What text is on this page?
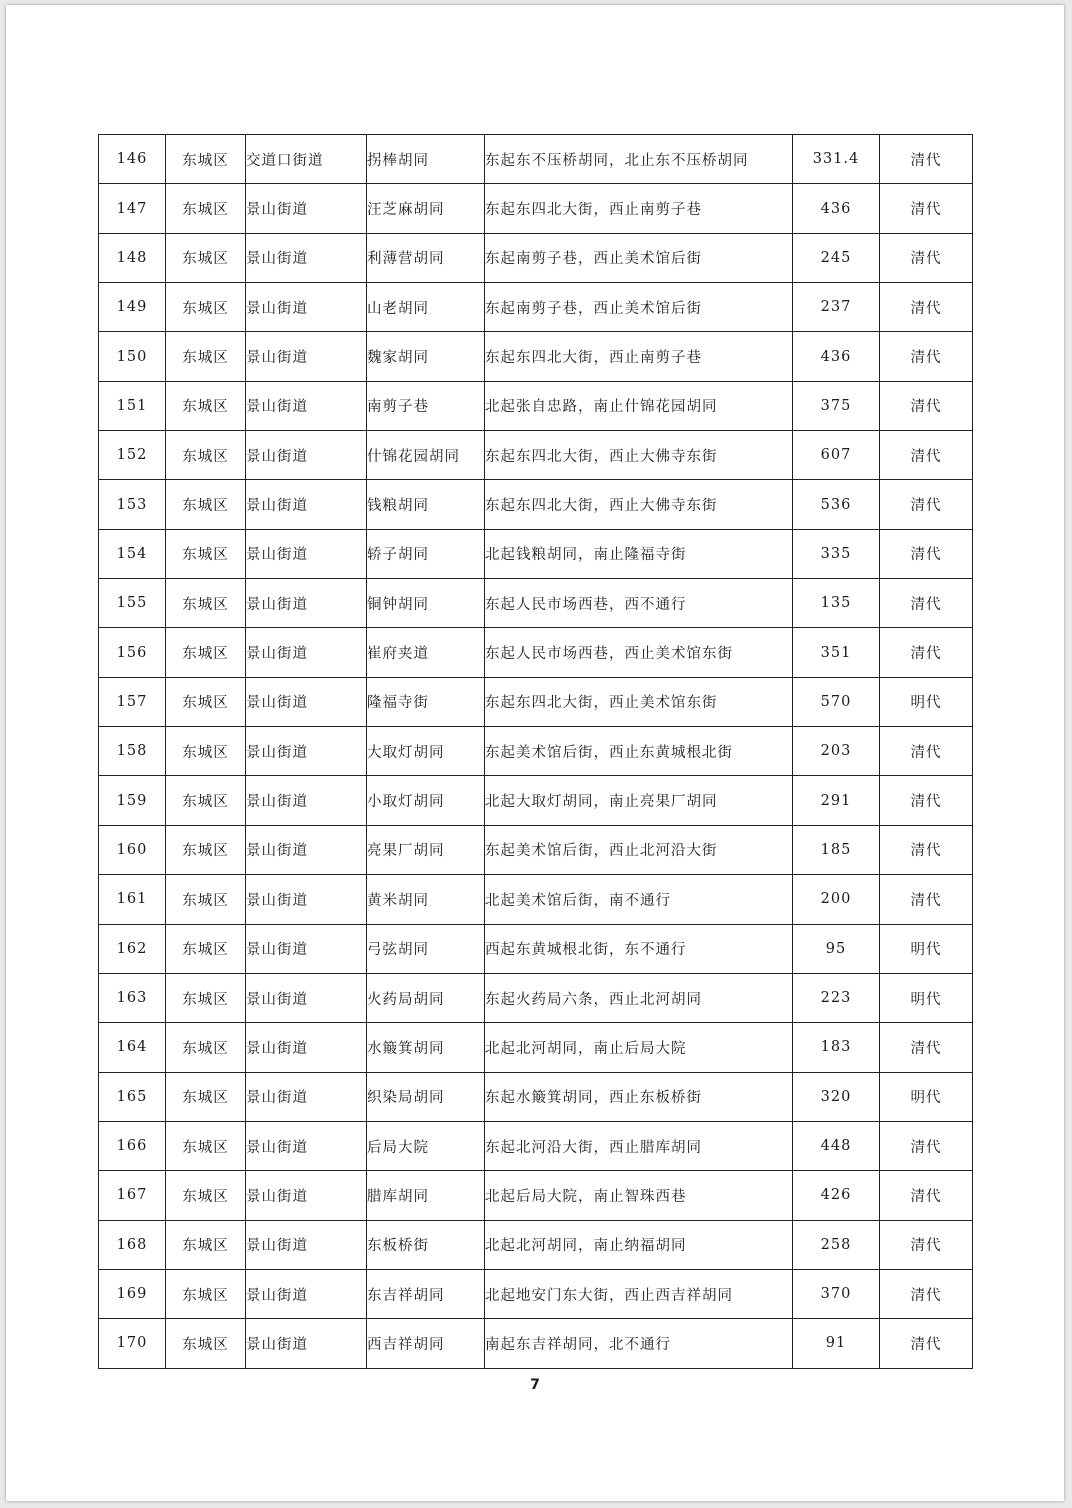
146	东城区	交道口街道	拐棒胡同	东起东不压桥胡同，北止东不压桥胡同	331.4	清代
147	东城区	景山街道	汪芝麻胡同	东起东四北大街，西止南剪子巷	436	清代
148	东城区	景山街道	利薄营胡同	东起南剪子巷，西止美术馆后街	245	清代
149	东城区	景山街道	山老胡同	东起南剪子巷，西止美术馆后街	237	清代
150	东城区	景山街道	魏家胡同	东起东四北大街，西止南剪子巷	436	清代
151	东城区	景山街道	南剪子巷	北起张自忠路，南止什锦花园胡同	375	清代
152	东城区	景山街道	什锦花园胡同	东起东四北大街，西止大佛寺东街	607	清代
153	东城区	景山街道	钱粮胡同	东起东四北大街，西止大佛寺东街	536	清代
154	东城区	景山街道	轿子胡同	北起钱粮胡同，南止隆福寺街	335	清代
155	东城区	景山街道	铜钟胡同	东起人民市场西巷，西不通行	135	清代
156	东城区	景山街道	崔府夹道	东起人民市场西巷，西止美术馆东街	351	清代
157	东城区	景山街道	隆福寺街	东起东四北大街，西止美术馆东街	570	明代
158	东城区	景山街道	大取灯胡同	东起美术馆后街，西止东黄城根北街	203	清代
159	东城区	景山街道	小取灯胡同	北起大取灯胡同，南止亮果厂胡同	291	清代
160	东城区	景山街道	亮果厂胡同	东起美术馆后街，西止北河沿大街	185	清代
161	东城区	景山街道	黄米胡同	北起美术馆后街，南不通行	200	清代
162	东城区	景山街道	弓弦胡同	西起东黄城根北街，东不通行	95	明代
163	东城区	景山街道	火药局胡同	东起火药局六条，西止北河胡同	223	明代
164	东城区	景山街道	水簸箕胡同	北起北河胡同，南止后局大院	183	清代
165	东城区	景山街道	织染局胡同	东起水簸箕胡同，西止东板桥街	320	明代
166	东城区	景山街道	后局大院	东起北河沿大街，西止腊库胡同	448	清代
167	东城区	景山街道	腊库胡同	北起后局大院，南止智珠西巷	426	清代
168	东城区	景山街道	东板桥街	北起北河胡同，南止纳福胡同	258	清代
169	东城区	景山街道	东吉祥胡同	北起地安门东大街，西止西吉祥胡同	370	清代
170	东城区	景山街道	西吉祥胡同	南起东吉祥胡同，北不通行	91	清代
7
